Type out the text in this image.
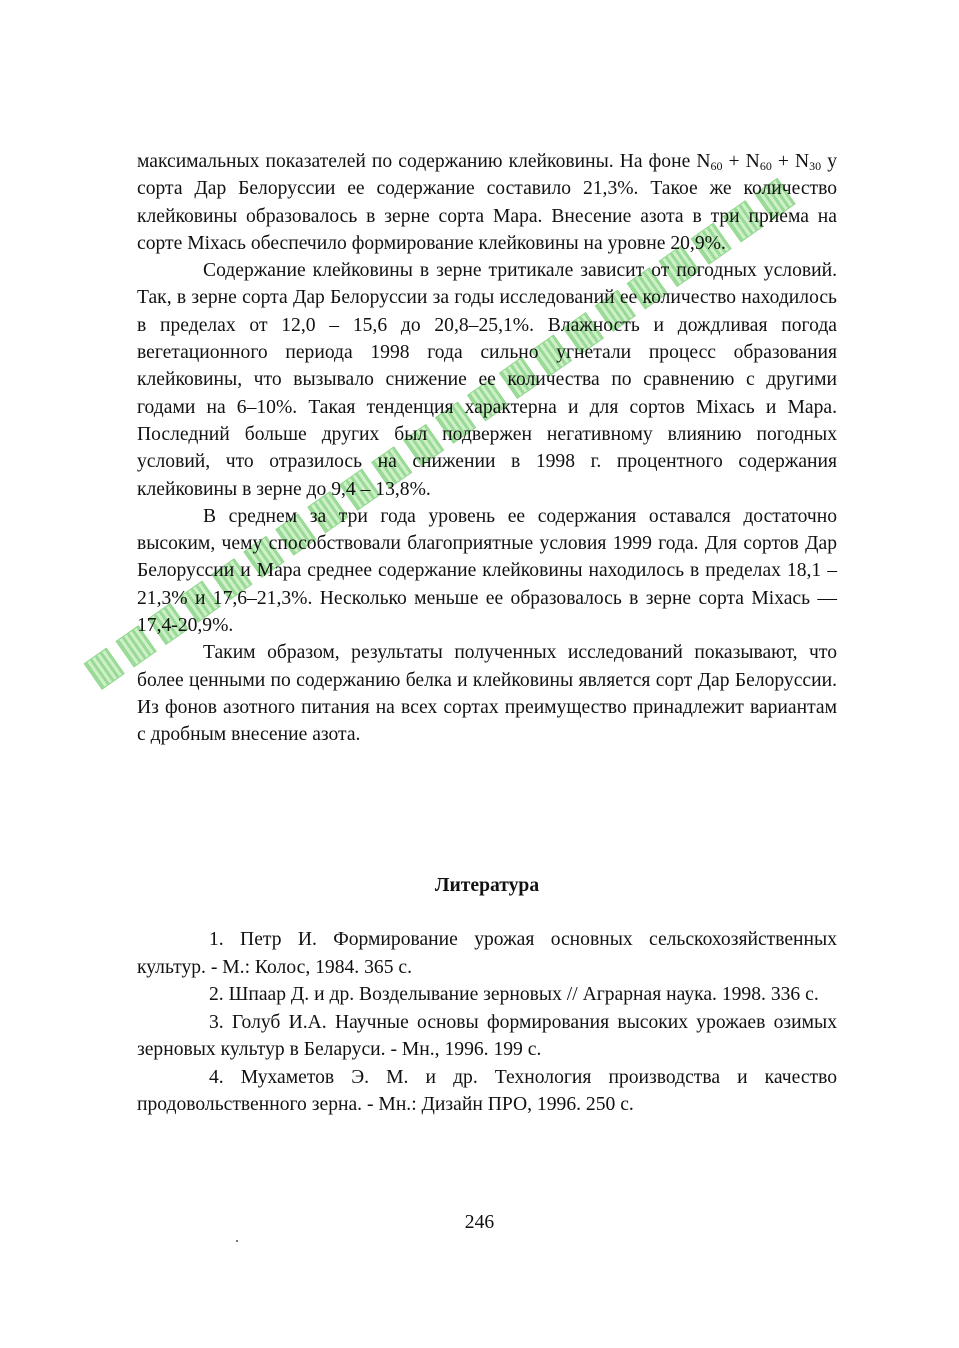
максимальных показателей по содержанию клейковины. На фоне $N_{60} + N_{60} + N_{30}$ у сорта Дар Белоруссии ее содержание составило 21,3%. Такое же количество клейковины образовалось в зерне сорта Мара. Внесение азота в три приема на сорте Мiхась обеспечило формирование клейковины на уровне 20,9%.

Содержание клейковины в зерне тритикале зависит от погодных условий. Так, в зерне сорта Дар Белоруссии за годы исследований ее количество находилось в пределах от 12,0 – 15,6 до 20,8–25,1%. Влажность и дождливая погода вегетационного периода 1998 года сильно угнетали процесс образования клейковины, что вызывало снижение ее количества по сравнению с другими годами на 6–10%. Такая тенденция характерна и для сортов Мiхась и Мара. Последний больше других был подвержен негативному влиянию погодных условий, что отразилось на снижении в 1998 г. процентного содержания клейковины в зерне до 9,4 – 13,8%.

В среднем за три года уровень ее содержания оставался достаточно высоким, чему способствовали благоприятные условия 1999 года. Для сортов Дар Белоруссии и Мара среднее содержание клейковины находилось в пределах 18,1 – 21,3% и 17,6–21,3%. Несколько меньше ее образовалось в зерне сорта Мiхась —17,4-20,9%.

Таким образом, результаты полученных исследований показывают, что более ценными по содержанию белка и клейковины является сорт Дар Белоруссии. Из фонов азотного питания на всех сортах преимущество принадлежит вариантам с дробным внесение азота.

Литература

1. Петр И. Формирование урожая основных сельскохозяйственных культур. - М.: Колос, 1984. 365 с.

2. Шпаар Д. и др. Возделывание зерновых // Аграрная наука. 1998. 336 с.

3. Голуб И.А. Научные основы формирования высоких урожаев озимых зерновых культур в Беларуси. - Мн., 1996. 199 с.

4. Мухаметов Э. М. и др. Технология производства и качество продовольственного зерна. - Мн.: Дизайн ПРО, 1996. 250 с.

246
